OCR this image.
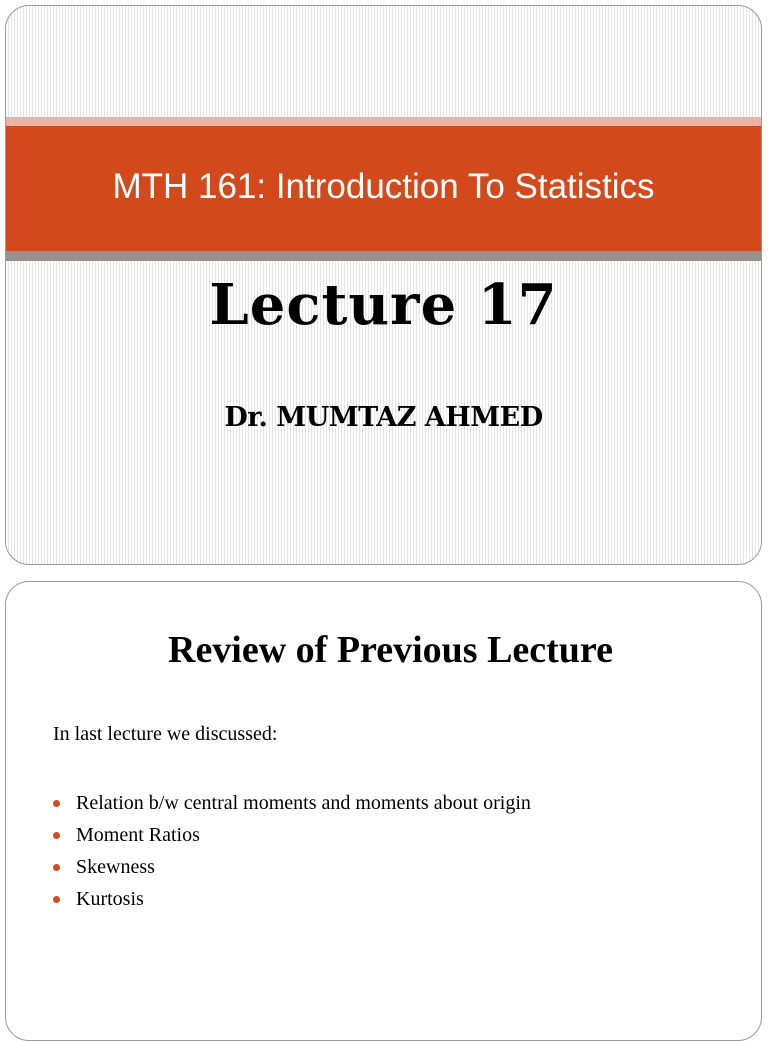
MTH 161: Introduction To Statistics
Lecture 17
Dr. MUMTAZ AHMED
Review of Previous Lecture
In last lecture we discussed:
Relation b/w central moments and moments about origin
Moment Ratios
Skewness
Kurtosis
